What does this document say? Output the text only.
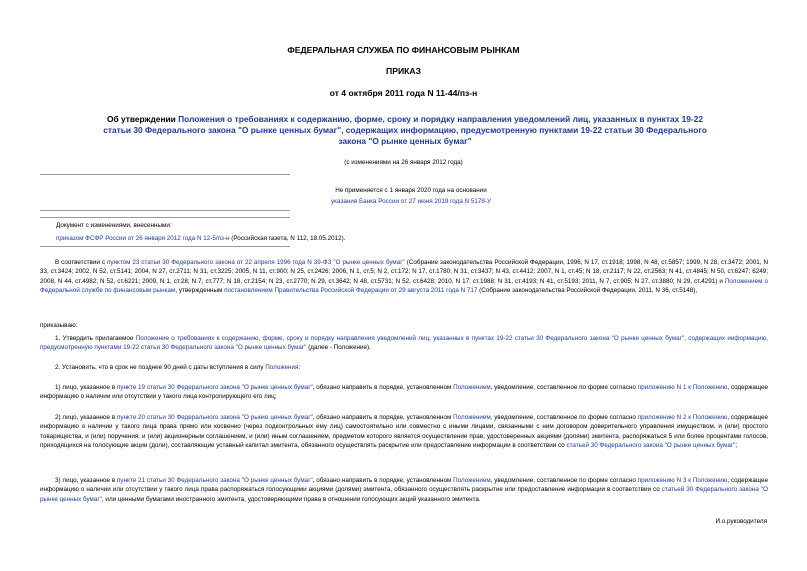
ФЕДЕРАЛЬНАЯ СЛУЖБА ПО ФИНАНСОВЫМ РЫНКАМ
ПРИКАЗ
от 4 октября 2011 года N 11-44/пз-н
Об утверждении Положения о требованиях к содержанию, форме, сроку и порядку направления уведомлений лиц, указанных в пунктах 19-22 статьи 30 Федерального закона "О рынке ценных бумаг", содержащих информацию, предусмотренную пунктами 19-22 статьи 30 Федерального закона "О рынке ценных бумаг"
(с изменениями на 26 января 2012 года)
Не применяется с 1 января 2020 года на основании
указания Банка России от 27 июня 2019 года N 5178-У
Документ с изменениями, внесенными:
приказом ФСФР России от 26 января 2012 года N 12-5/пз-н (Российская газета, N 112, 18.05.2012).
В соответствии с пунктом 23 статьи 30 Федерального закона от 22 апреля 1996 года N 39-ФЗ "О рынке ценных бумаг" (Собрание законодательства Российской Федерации, 1996, N 17, ст.1918; 1998, N 48, ст.5857; 1999, N 28, ст.3472; 2001, N 33, ст.3424; 2002, N 52, ст.5141; 2004, N 27, ст.2711; N 31, ст.3225; 2005, N 11, ст.900; N 25, ст.2426; 2006, N 1, ст.5; N 2, ст.172; N 17, ст.1780; N 31, ст.3437; N 43, ст.4412; 2007, N 1, ст.45; N 18, ст.2117; N 22, ст.2563; N 41, ст.4845; N 50, ст.6247; 6249; 2008, N 44, ст.4982; N 52, ст.6221; 2009, N 1, ст.28; N 7, ст.777; N 18, ст.2154; N 23, ст.2770; N 29, ст.3642; N 48, ст.5731; N 52, ст.6428; 2010, N 17; ст.1988; N 31, ст.4193; N 41, ст.5193; 2011, N 7, ст.905; N 27, ст.3880; N 29, ст.4291) и Положением о Федеральной службе по финансовым рынкам, утвержденным постановлением Правительства Российской Федерации от 29 августа 2011 года N 717 (Собрание законодательства Российской Федерации, 2011, N 36, ст.5148),
приказываю:
1. Утвердить прилагаемое Положение о требованиях к содержанию, форме, сроку и порядку направления уведомлений лиц, указанных в пунктах 19-22 статьи 30 Федерального закона "О рынке ценных бумаг", содержащих информацию, предусмотренную пунктами 19-22 статьи 30 Федерального закона "О рынке ценных бумаг" (далее - Положение).
2. Установить, что в срок не позднее 90 дней с даты вступления в силу Положения:
1) лицо, указанное в пункте 19 статьи 30 Федерального закона "О рынке ценных бумаг", обязано направить в порядке, установленном Положением, уведомление, составленное по форме согласно приложению N 1 к Положению, содержащее информацию о наличии или отсутствии у такого лица контролирующего его лиц;
2) лицо, указанное в пункте 20 статьи 30 Федерального закона "О рынке ценных бумаг", обязано направить в порядке, установленном Положением, уведомление, составленное по форме согласно приложению N 2 к Положению, содержащее информацию о наличии у такого лица права прямо или косвенно (через подконтрольных ему лиц) самостоятельно или совместно с иными лицами, связанными с ним договором доверительного управления имуществом, и (или) простого товарищества, и (или) поручения, и (или) акционерным соглашением, и (или) иным соглашением, предметом которого является осуществление прав, удостоверенных акциями (долями) эмитента, распоряжаться 5 или более процентами голосов, приходящихся на голосующие акции (доли), составляющие уставный капитал эмитента, обязанного осуществлять раскрытие или предоставление информации в соответствии со статьей 30 Федерального закона "О рынке ценных бумаг";
3) лицо, указанное в пункте 21 статьи 30 Федерального закона "О рынке ценных бумаг", обязано направить в порядке, установленном Положением, уведомление, составленное по форме согласно приложению N 3 к Положению, содержащее информацию о наличии или отсутствии у такого лица права распоряжаться голосующими акциями (долями) эмитента, обязанного осуществлять раскрытие или предоставление информации в соответствии со статьей 30 Федерального закона "О рынке ценных бумаг", или ценными бумагами иностранного эмитента, удостоверяющими права в отношении голосующих акций указанного эмитента.
И.о.руководителя
